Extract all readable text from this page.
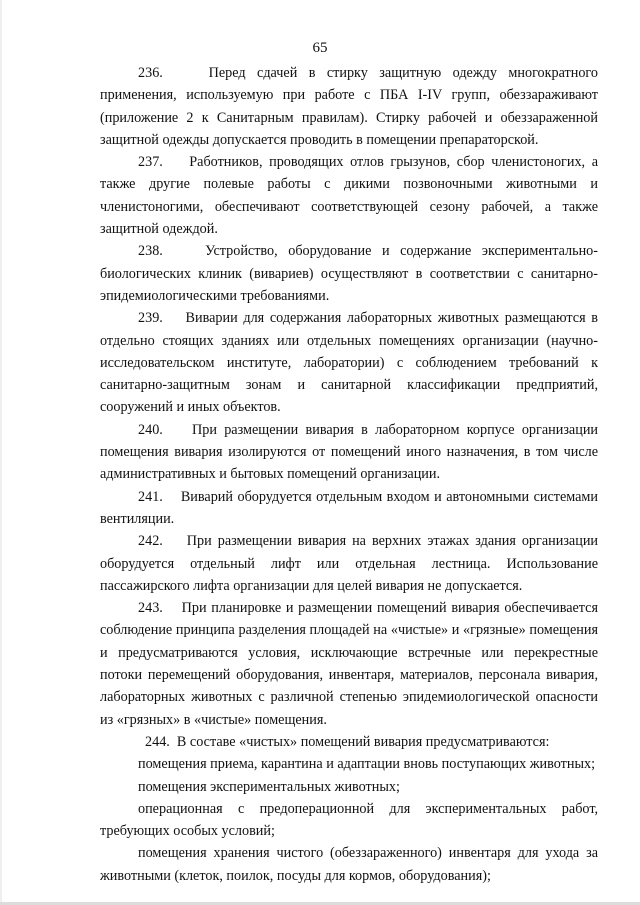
65

236.	Перед сдачей в стирку защитную одежду многократного применения, используемую при работе с ПБА I-IV групп, обеззараживают (приложение 2 к Санитарным правилам). Стирку рабочей и обеззараженной защитной одежды допускается проводить в помещении препараторской.

237. Работников, проводящих отлов грызунов, сбор членистоногих, а также другие полевые работы с дикими позвоночными животными и членистоногими, обеспечивают соответствующей сезону рабочей, а также защитной одеждой.

238.	Устройство, оборудование и содержание экспериментально-биологических клиник (вивариев) осуществляют в соответствии с санитарно-эпидемиологическими требованиями.

239. Виварии для содержания лабораторных животных размещаются в отдельно стоящих зданиях или отдельных помещениях организации (научно-исследовательском институте, лаборатории) с соблюдением требований к санитарно-защитным зонам и санитарной классификации предприятий, сооружений и иных объектов.

240. При размещении вивария в лабораторном корпусе организации помещения вивария изолируются от помещений иного назначения, в том числе административных и бытовых помещений организации.

241. Виварий оборудуется отдельным входом и автономными системами вентиляции.

242. При размещении вивария на верхних этажах здания организации оборудуется отдельный лифт или отдельная лестница. Использование пассажирского лифта организации для целей вивария не допускается.

243. При планировке и размещении помещений вивария обеспечивается соблюдение принципа разделения площадей на «чистые» и «грязные» помещения и предусматриваются условия, исключающие встречные или перекрестные потоки перемещений оборудования, инвентаря, материалов, персонала вивария, лабораторных животных с различной степенью эпидемиологической опасности из «грязных» в «чистые» помещения.

244. В составе «чистых» помещений вивария предусматриваются:

помещения приема, карантина и адаптации вновь поступающих животных;

помещения экспериментальных животных;

операционная с предоперационной для экспериментальных работ, требующих особых условий;

помещения хранения чистого (обеззараженного) инвентаря для ухода за животными (клеток, поилок, посуды для кормов, оборудования);
